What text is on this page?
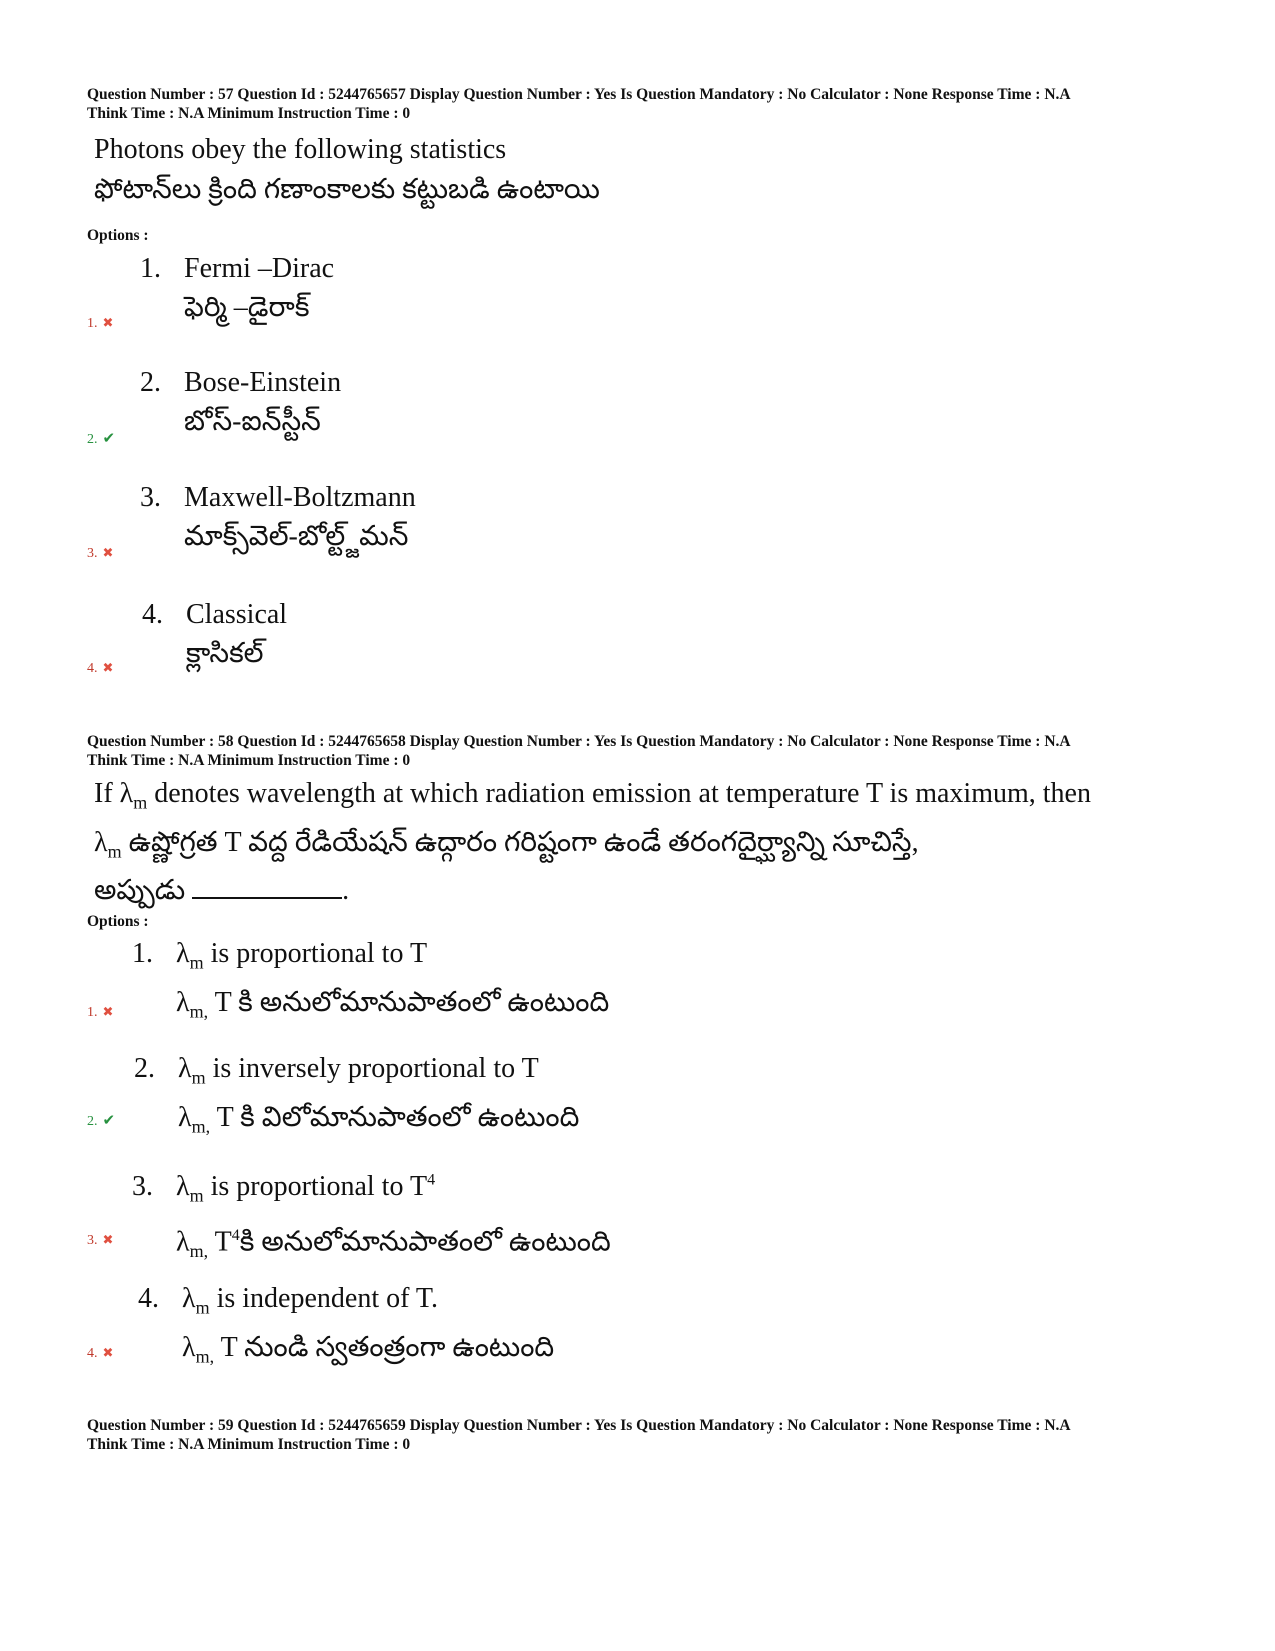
Question Number : 57 Question Id : 5244765657 Display Question Number : Yes Is Question Mandatory : No Calculator : None Response Time : N.A
Think Time : N.A Minimum Instruction Time : 0
Photons obey the following statistics
ఫోటాన్‌లు క్రింది గణాంకాలకు కట్టుబడి ఉంటాయి
Options :
1. Fermi –Dirac
ఫెర్మి –డైరాక్
1. ✖
2. Bose-Einstein
బోస్-ఐన్‌స్టీన్
2. ✔
3. Maxwell-Boltzmann
మాక్స్‌వెల్-బోల్ట్జ్‌మన్
3. ✖
4. Classical
క్లాసికల్
4. ✖
Question Number : 58 Question Id : 5244765658 Display Question Number : Yes Is Question Mandatory : No Calculator : None Response Time : N.A
Think Time : N.A Minimum Instruction Time : 0
If $\lambda_m$ denotes wavelength at which radiation emission at temperature T is maximum, then
$\lambda_m$ ఉష్ణోగ్రత T వద్ద రేడియేషన్ ఉద్గారం గరిష్టంగా ఉండే తరంగదైర్ఘ్యాన్ని సూచిస్తే,
అప్పుడు	.
Options :
1. $\lambda_m$ is proportional to T
$\lambda_{m,}$ T కి అనులోమానుపాతంలో ఉంటుంది
1. ✖
2. $\lambda_m$ is inversely proportional to T
$\lambda_{m,}$ T కి విలోమానుపాతంలో ఉంటుంది
2. ✔
3. $\lambda_m$ is proportional to $T^4$
$\lambda_{m,}$ $T^4కి$ అనులోమానుపాతంలో ఉంటుంది
3. ✖
4. $\lambda_m$ is independent of T.
$\lambda_{m,}$ T నుండి స్వతంత్రంగా ఉంటుంది
4. ✖
Question Number : 59 Question Id : 5244765659 Display Question Number : Yes Is Question Mandatory : No Calculator : None Response Time : N.A
Think Time : N.A Minimum Instruction Time : 0
